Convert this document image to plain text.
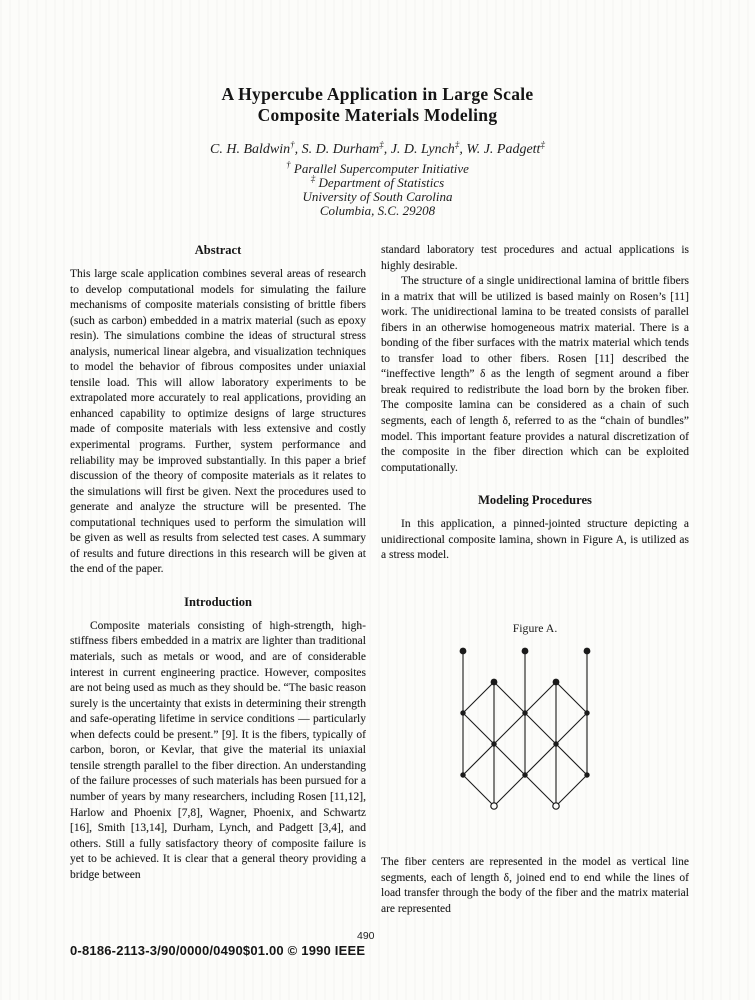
A Hypercube Application in Large Scale
Composite Materials Modeling
C. H. Baldwin†, S. D. Durham‡, J. D. Lynch‡, W. J. Padgett‡
† Parallel Supercomputer Initiative
‡ Department of Statistics
University of South Carolina
Columbia, S.C. 29208
Abstract

This large scale application combines several areas of research to develop computational models for simulating the failure mechanisms of composite materials consisting of brittle fibers (such as carbon) embedded in a matrix material (such as epoxy resin). The simulations combine the ideas of structural stress analysis, numerical linear algebra, and visualization techniques to model the behavior of fibrous composites under uniaxial tensile load. This will allow laboratory experiments to be extrapolated more accurately to real applications, providing an enhanced capability to optimize designs of large structures made of composite materials with less extensive and costly experimental programs. Further, system performance and reliability may be improved substantially. In this paper a brief discussion of the theory of composite materials as it relates to the simulations will first be given. Next the procedures used to generate and analyze the structure will be presented. The computational techniques used to perform the simulation will be given as well as results from selected test cases. A summary of results and future directions in this research will be given at the end of the paper.

Introduction

Composite materials consisting of high-strength, high-stiffness fibers embedded in a matrix are lighter than traditional materials, such as metals or wood, and are of considerable interest in current engineering practice. However, composites are not being used as much as they should be. “The basic reason surely is the uncertainty that exists in determining their strength and safe-operating lifetime in service conditions — particularly when defects could be present.” [9]. It is the fibers, typically of carbon, boron, or Kevlar, that give the material its uniaxial tensile strength parallel to the fiber direction. An understanding of the failure processes of such materials has been pursued for a number of years by many researchers, including Rosen [11,12], Harlow and Phoenix [7,8], Wagner, Phoenix, and Schwartz [16], Smith [13,14], Durham, Lynch, and Padgett [3,4], and others. Still a fully satisfactory theory of composite failure is yet to be achieved. It is clear that a general theory providing a bridge between

standard laboratory test procedures and actual applications is highly desirable.

The structure of a single unidirectional lamina of brittle fibers in a matrix that will be utilized is based mainly on Rosen’s [11] work. The unidirectional lamina to be treated consists of parallel fibers in an otherwise homogeneous matrix material. There is a bonding of the fiber surfaces with the matrix material which tends to transfer load to other fibers. Rosen [11] described the “ineffective length” δ as the length of segment around a fiber break required to redistribute the load born by the broken fiber. The composite lamina can be considered as a chain of such segments, each of length δ, referred to as the “chain of bundles” model. This important feature provides a natural discretization of the composite in the fiber direction which can be exploited computationally.

Modeling Procedures

In this application, a pinned-jointed structure depicting a unidirectional composite lamina, shown in Figure A, is utilized as a stress model.

Figure A.

The fiber centers are represented in the model as vertical line segments, each of length δ, joined end to end while the lines of load transfer through the body of the fiber and the matrix material are represented

490
0-8186-2113-3/90/0000/0490$01.00 © 1990 IEEE
